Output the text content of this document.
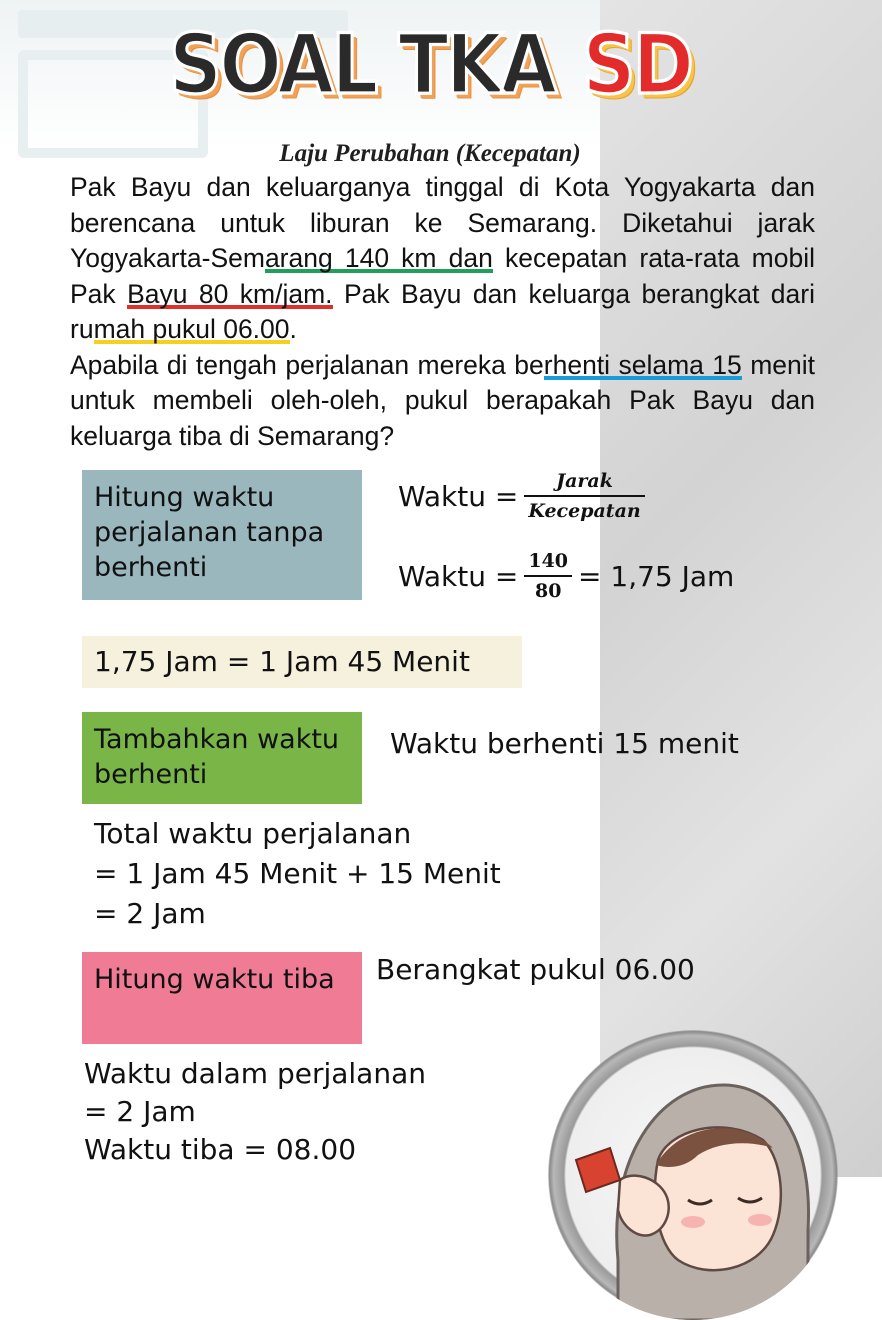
SOAL TKA SD
Laju Perubahan (Kecepatan)

Pak Bayu dan keluarganya tinggal di Kota Yogyakarta dan berencana untuk liburan ke Semarang. Diketahui jarak Yogyakarta-Semarang 140 km dan kecepatan rata-rata mobil Pak Bayu 80 km/jam. Pak Bayu dan keluarga berangkat dari rumah pukul 06.00.

Apabila di tengah perjalanan mereka berhenti selama 15 menit untuk membeli oleh-oleh, pukul berapakah Pak Bayu dan keluarga tiba di Semarang?

Hitung waktu perjalanan tanpa berhenti
Waktu = $\frac{\text{Jarak}}{\text{Kecepatan}}$
Waktu = $\frac{140}{80} = 1,75$ Jam
1,75 Jam = 1 Jam 45 Menit
Tambahkan waktu berhenti
Waktu berhenti 15 menit
Total waktu perjalanan
= 1 Jam 45 Menit + 15 Menit
= 2 Jam
Hitung waktu tiba	Berangkat pukul 06.00
Waktu dalam perjalanan
= 2 Jam
Waktu tiba = 08.00
